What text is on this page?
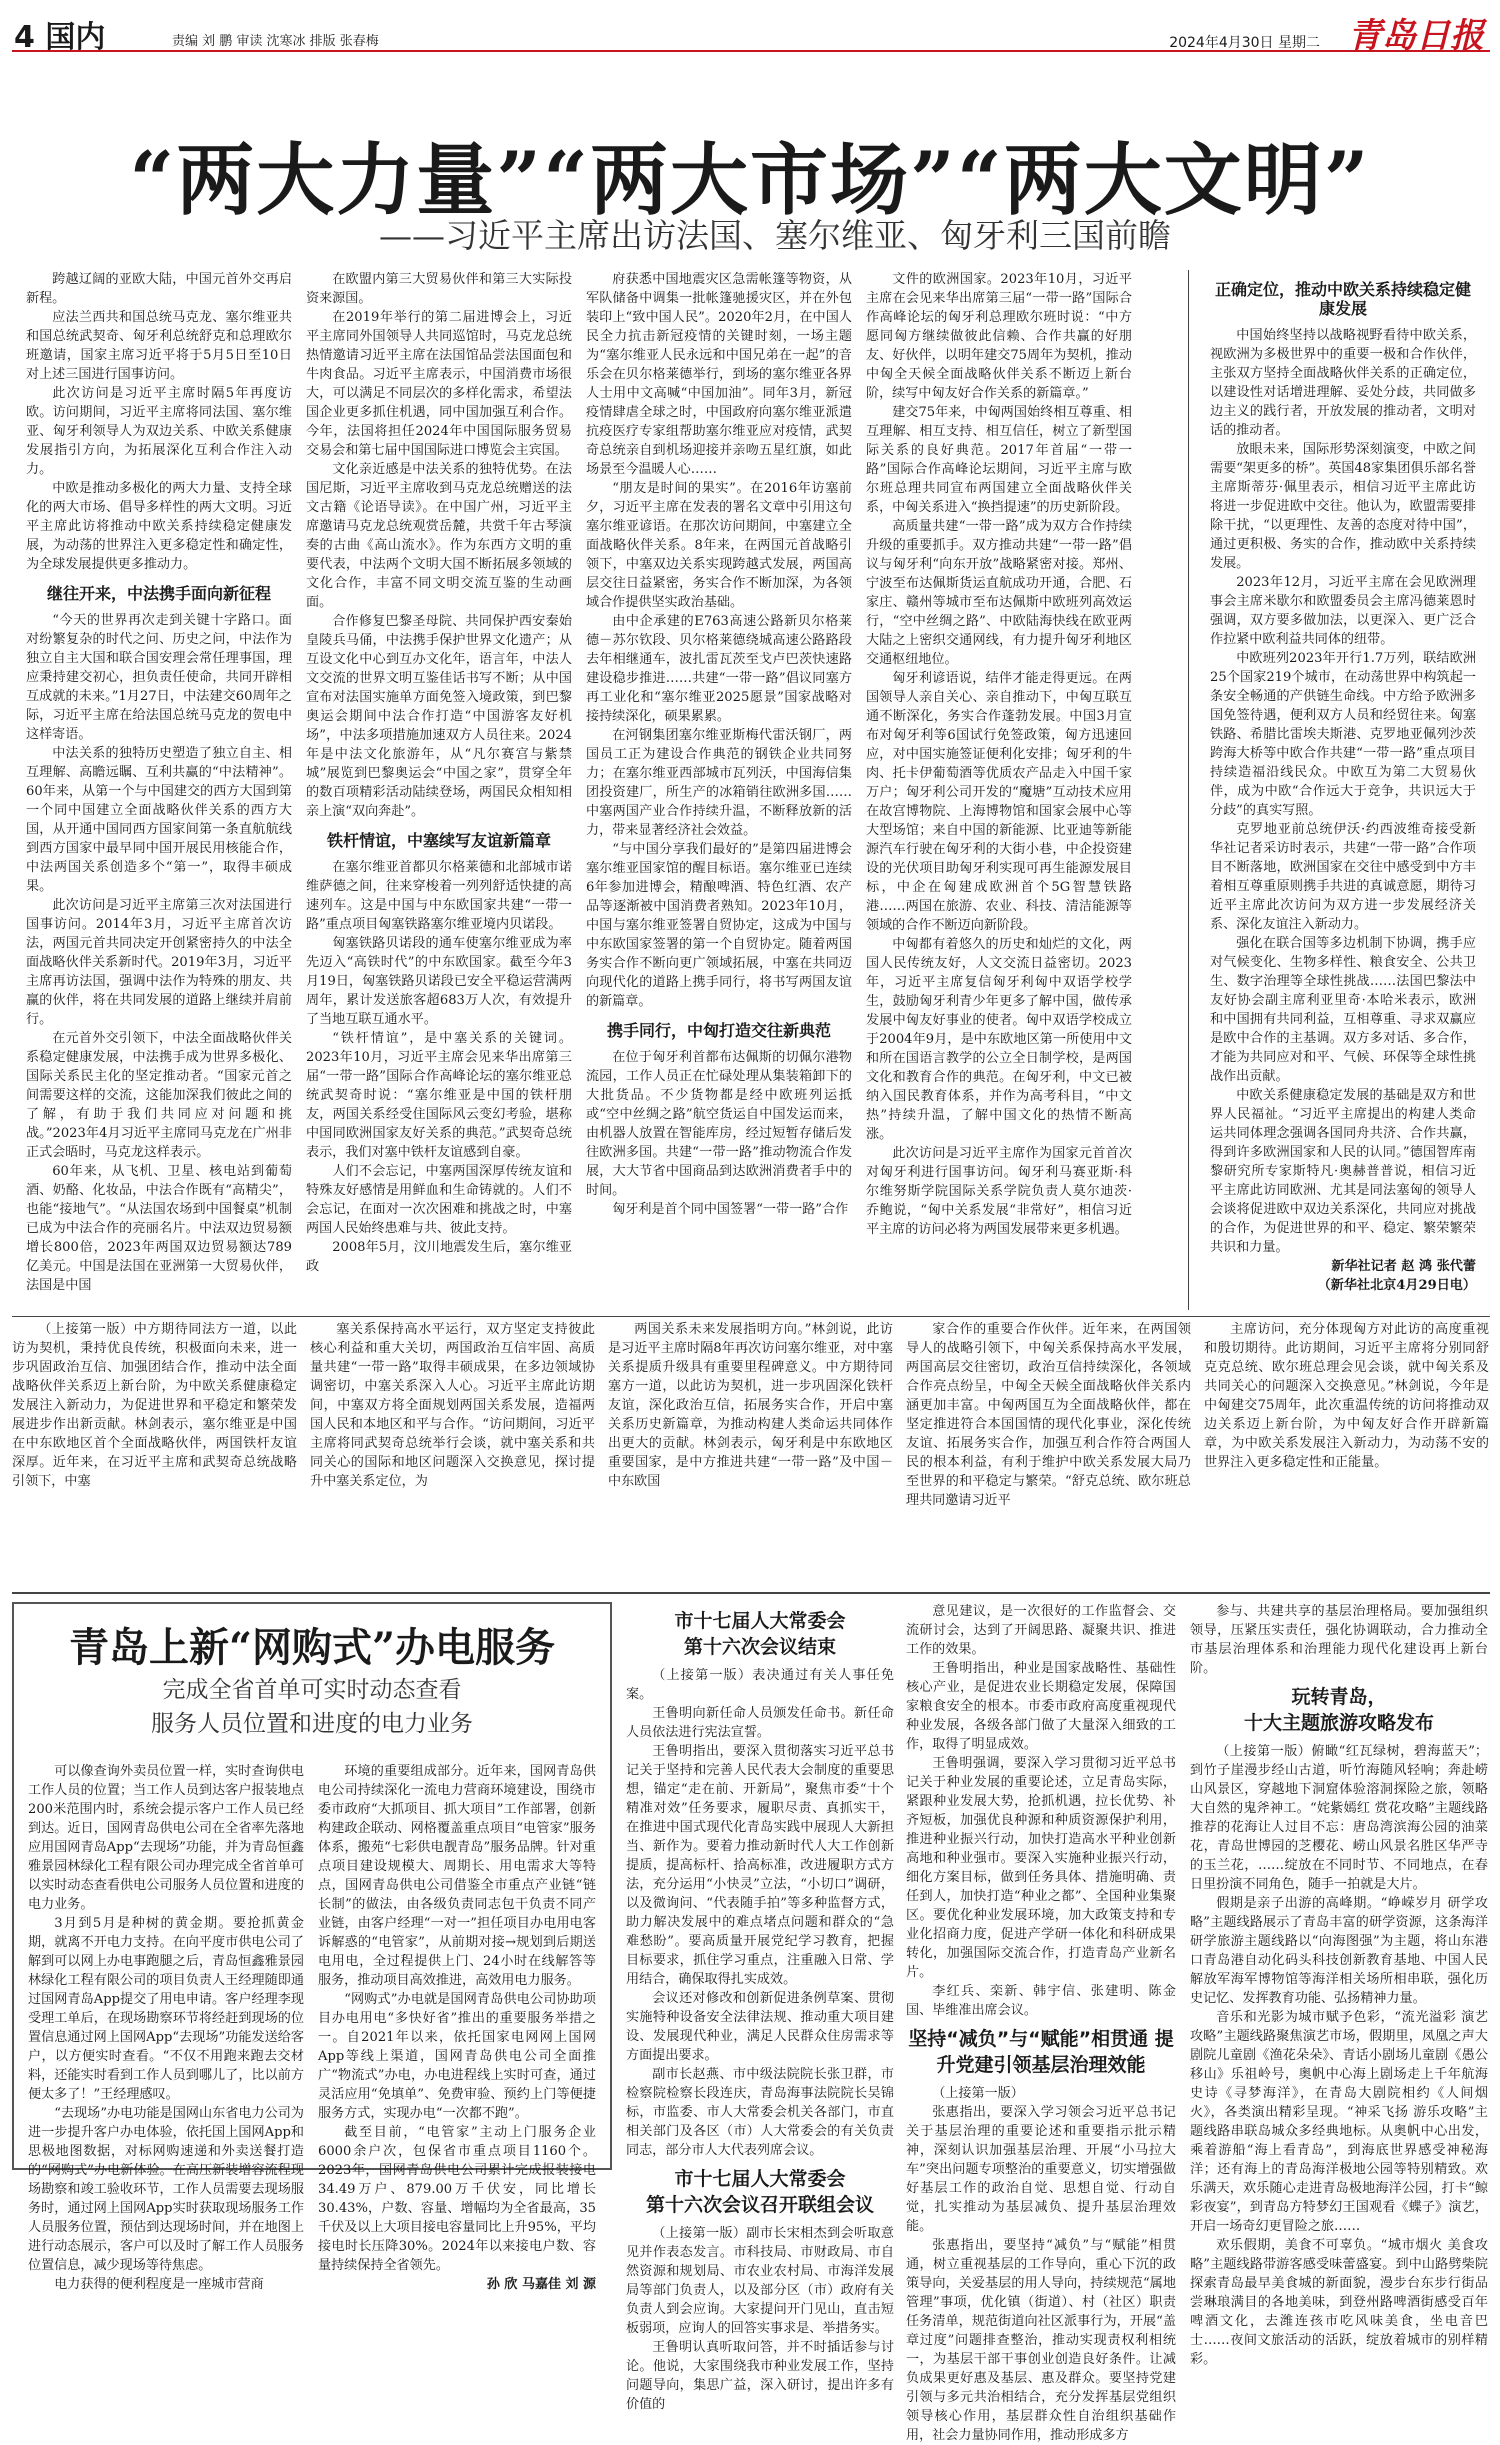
4 国内	责编 刘 鹏 审读 沈寒冰 排版 张春梅	2024年4月30日 星期二 青岛日报
“两大力量”“两大市场”“两大文明”
——习近平主席出访法国、塞尔维亚、匈牙利三国前瞻

跨越辽阔的亚欧大陆，中国元首外交再启新程。

应法兰西共和国总统马克龙、塞尔维亚共和国总统武契奇、匈牙利总统舒克和总理欧尔班邀请，国家主席习近平将于5月5日至10日对上述三国进行国事访问。

此次访问是习近平主席时隔5年再度访欧。访问期间，习近平主席将同法国、塞尔维亚、匈牙利领导人为双边关系、中欧关系健康发展指引方向，为拓展深化互利合作注入动力。

中欧是推动多极化的两大力量、支持全球化的两大市场、倡导多样性的两大文明。习近平主席此访将推动中欧关系持续稳定健康发展，为动荡的世界注入更多稳定性和确定性，为全球发展提供更多推动力。

继往开来，中法携手面向新征程

“今天的世界再次走到关键十字路口。面对纷繁复杂的时代之问、历史之问，中法作为独立自主大国和联合国安理会常任理事国，理应秉持建交初心，担负责任使命，共同开辟相互成就的未来。”1月27日，中法建交60周年之际，习近平主席在给法国总统马克龙的贺电中这样寄语。

中法关系的独特历史塑造了独立自主、相互理解、高瞻远瞩、互利共赢的“中法精神”。60年来，从第一个与中国建交的西方大国到第一个同中国建立全面战略伙伴关系的西方大国，从开通中国同西方国家间第一条直航航线到西方国家中最早同中国开展民用核能合作，中法两国关系创造多个“第一”，取得丰硕成果。

此次访问是习近平主席第三次对法国进行国事访问。2014年3月，习近平主席首次访法，两国元首共同决定开创紧密持久的中法全面战略伙伴关系新时代。2019年3月，习近平主席再访法国，强调中法作为特殊的朋友、共赢的伙伴，将在共同发展的道路上继续并肩前行。

在元首外交引领下，中法全面战略伙伴关系稳定健康发展，中法携手成为世界多极化、国际关系民主化的坚定推动者。“国家元首之间需要这样的交流，这能加深我们彼此之间的了解，有助于我们共同应对问题和挑战。”2023年4月习近平主席同马克龙在广州非正式会晤时，马克龙这样表示。

60年来，从飞机、卫星、核电站到葡萄酒、奶酪、化妆品，中法合作既有“高精尖”，也能“接地气”。“从法国农场到中国餐桌”机制已成为中法合作的亮丽名片。中法双边贸易额增长800倍，2023年两国双边贸易额达789亿美元。中国是法国在亚洲第一大贸易伙伴，法国是中国

在欧盟内第三大贸易伙伴和第三大实际投资来源国。

在2019年举行的第二届进博会上，习近平主席同外国领导人共同巡馆时，马克龙总统热情邀请习近平主席在法国馆品尝法国面包和牛肉食品。习近平主席表示，中国消费市场很大，可以满足不同层次的多样化需求，希望法国企业更多抓住机遇，同中国加强互利合作。今年，法国将担任2024年中国国际服务贸易交易会和第七届中国国际进口博览会主宾国。

文化亲近感是中法关系的独特优势。在法国尼斯，习近平主席收到马克龙总统赠送的法文古籍《论语导读》。在中国广州，习近平主席邀请马克龙总统观赏岳麓，共赏千年古琴演奏的古曲《高山流水》。作为东西方文明的重要代表，中法两个文明大国不断拓展多领域的文化合作，丰富不同文明交流互鉴的生动画面。

合作修复巴黎圣母院、共同保护西安秦始皇陵兵马俑，中法携手保护世界文化遗产；从互设文化中心到互办文化年，语言年，中法人文交流的世界文明互鉴佳话书写不断；从中国宣布对法国实施单方面免签入境政策，到巴黎奥运会期间中法合作打造“中国游客友好机场”，中法多项措施加速双方人员往来。2024年是中法文化旅游年，从“凡尔赛宫与紫禁城”展览到巴黎奥运会“中国之家”，贯穿全年的数百项精彩活动陆续登场，两国民众相知相亲上演“双向奔赴”。

铁杆情谊，中塞续写友谊新篇章

在塞尔维亚首都贝尔格莱德和北部城市诺维萨德之间，往来穿梭着一列列舒适快捷的高速列车。这是中国与中东欧国家共建“一带一路”重点项目匈塞铁路塞尔维亚境内贝诺段。

匈塞铁路贝诺段的通车使塞尔维亚成为率先迈入“高铁时代”的中东欧国家。截至今年3月19日，匈塞铁路贝诺段已安全平稳运营满两周年，累计发送旅客超683万人次，有效提升了当地互联互通水平。

“铁杆情谊”，是中塞关系的关键词。2023年10月，习近平主席会见来华出席第三届“一带一路”国际合作高峰论坛的塞尔维亚总统武契奇时说：“塞尔维亚是中国的铁杆朋友，两国关系经受住国际风云变幻考验，堪称中国同欧洲国家友好关系的典范。”武契奇总统表示，我们对塞中铁杆友谊感到自豪。

人们不会忘记，中塞两国深厚传统友谊和特殊友好感情是用鲜血和生命铸就的。人们不会忘记，在面对一次次困难和挑战之时，中塞两国人民始终患难与共、彼此支持。

2008年5月，汶川地震发生后，塞尔维亚政

府获悉中国地震灾区急需帐篷等物资，从军队储备中调集一批帐篷驰援灾区，并在外包装印上“致中国人民”。2020年2月，在中国人民全力抗击新冠疫情的关键时刻，一场主题为“塞尔维亚人民永远和中国兄弟在一起”的音乐会在贝尔格莱德举行，到场的塞尔维亚各界人士用中文高喊“中国加油”。同年3月，新冠疫情肆虐全球之时，中国政府向塞尔维亚派遣抗疫医疗专家组帮助塞尔维亚应对疫情，武契奇总统亲自到机场迎接并亲吻五星红旗，如此场景至今温暖人心……

“朋友是时间的果实”。在2016年访塞前夕，习近平主席在发表的署名文章中引用这句塞尔维亚谚语。在那次访问期间，中塞建立全面战略伙伴关系。8年来，在两国元首战略引领下，中塞双边关系实现跨越式发展，两国高层交往日益紧密，务实合作不断加深，为各领域合作提供坚实政治基础。

由中企承建的E763高速公路新贝尔格莱德－苏尔钦段、贝尔格莱德绕城高速公路路段去年相继通车，波扎雷瓦茨至戈卢巴茨快速路建设稳步推进……共建“一带一路”倡议同塞方再工业化和“塞尔维亚2025愿景”国家战略对接持续深化，硕果累累。

在河钢集团塞尔维亚斯梅代雷沃钢厂，两国员工正为建设合作典范的钢铁企业共同努力；在塞尔维亚西部城市瓦列沃，中国海信集团投资建厂，所生产的冰箱销往欧洲多国……中塞两国产业合作持续升温，不断释放新的活力，带来显著经济社会效益。

“与中国分享我们最好的”是第四届进博会塞尔维亚国家馆的醒目标语。塞尔维亚已连续6年参加进博会，精酿啤酒、特色红酒、农产品等逐渐被中国消费者熟知。2023年10月，中国与塞尔维亚签署自贸协定，这成为中国与中东欧国家签署的第一个自贸协定。随着两国务实合作不断向更广领域拓展，中塞在共同迈向现代化的道路上携手同行，将书写两国友谊的新篇章。

携手同行，中匈打造交往新典范

在位于匈牙利首都布达佩斯的切佩尔港物流园，工作人员正在忙碌处理从集装箱卸下的大批货品。不少货物都是经中欧班列运抵或“空中丝绸之路”航空货运自中国发运而来，由机器人放置在智能库房，经过短暂存储后发往欧洲多国。共建“一带一路”推动物流合作发展，大大节省中国商品到达欧洲消费者手中的时间。

匈牙利是首个同中国签署“一带一路”合作

文件的欧洲国家。2023年10月，习近平主席在会见来华出席第三届“一带一路”国际合作高峰论坛的匈牙利总理欧尔班时说：“中方愿同匈方继续做彼此信赖、合作共赢的好朋友、好伙伴，以明年建交75周年为契机，推动中匈全天候全面战略伙伴关系不断迈上新台阶，续写中匈友好合作关系的新篇章。”

建交75年来，中匈两国始终相互尊重、相互理解、相互支持、相互信任，树立了新型国际关系的良好典范。2017年首届“一带一路”国际合作高峰论坛期间，习近平主席与欧尔班总理共同宣布两国建立全面战略伙伴关系，中匈关系进入“换挡提速”的历史新阶段。

高质量共建“一带一路”成为双方合作持续升级的重要抓手。双方推动共建“一带一路”倡议与匈牙利“向东开放”战略紧密对接。郑州、宁波至布达佩斯货运直航成功开通，合肥、石家庄、赣州等城市至布达佩斯中欧班列高效运行，“空中丝绸之路”、中欧陆海快线在欧亚两大陆之上密织交通网线，有力提升匈牙利地区交通枢纽地位。

匈牙利谚语说，结伴才能走得更远。在两国领导人亲自关心、亲自推动下，中匈互联互通不断深化，务实合作蓬勃发展。中国3月宣布对匈牙利等6国试行免签政策，匈方迅速回应，对中国实施签证便利化安排；匈牙利的牛肉、托卡伊葡萄酒等优质农产品走入中国千家万户；匈牙利公司开发的“魔塘”互动技术应用在故宫博物院、上海博物馆和国家会展中心等大型场馆；来自中国的新能源、比亚迪等新能源汽车行驶在匈牙利的大街小巷，中企投资建设的光伏项目助匈牙利实现可再生能源发展目标，中企在匈建成欧洲首个5G智慧铁路港……两国在旅游、农业、科技、清洁能源等领域的合作不断迈向新阶段。

中匈都有着悠久的历史和灿烂的文化，两国人民传统友好，人文交流日益密切。2023年，习近平主席复信匈牙利匈中双语学校学生，鼓励匈牙利青少年更多了解中国，做传承发展中匈友好事业的使者。匈中双语学校成立于2004年9月，是中东欧地区第一所使用中文和所在国语言教学的公立全日制学校，是两国文化和教育合作的典范。在匈牙利，中文已被纳入国民教育体系，并作为高考科目，“中文热”持续升温，了解中国文化的热情不断高涨。

此次访问是习近平主席作为国家元首首次对匈牙利进行国事访问。匈牙利马赛亚斯·科尔维努斯学院国际关系学院负责人莫尔迪茨·乔鲍说，“匈中关系发展“非常好”，相信习近平主席的访问必将为两国发展带来更多机遇。

正确定位，推动中欧关系持续稳定健康发展

中国始终坚持以战略视野看待中欧关系，视欧洲为多极世界中的重要一极和合作伙伴，主张双方坚持全面战略伙伴关系的正确定位，以建设性对话增进理解、妥处分歧，共同做多边主义的践行者，开放发展的推动者，文明对话的推动者。

放眼未来，国际形势深刻演变，中欧之间需要“架更多的桥”。英国48家集团俱乐部名誉主席斯蒂芬·佩里表示，相信习近平主席此访将进一步促进欧中交往。他认为，欧盟需要排除干扰，“以更理性、友善的态度对待中国”，通过更积极、务实的合作，推动欧中关系持续发展。

2023年12月，习近平主席在会见欧洲理事会主席米歇尔和欧盟委员会主席冯德莱恩时强调，双方要多做加法，以更深入、更广泛合作拉紧中欧利益共同体的纽带。

中欧班列2023年开行1.7万列，联结欧洲25个国家219个城市，在动荡世界中构筑起一条安全畅通的产供链生命线。中方给予欧洲多国免签待遇，便利双方人员和经贸往来。匈塞铁路、希腊比雷埃夫斯港、克罗地亚佩列沙茨跨海大桥等中欧合作共建“一带一路”重点项目持续造福沿线民众。中欧互为第二大贸易伙伴，成为中欧“合作远大于竞争，共识远大于分歧”的真实写照。

克罗地亚前总统伊沃·约西波维奇接受新华社记者采访时表示，共建“一带一路”合作项目不断落地，欧洲国家在交往中感受到中方丰着相互尊重原则携手共进的真诚意愿，期待习近平主席此次访问为双方进一步发展经济关系、深化友谊注入新动力。

强化在联合国等多边机制下协调，携手应对气候变化、生物多样性、粮食安全、公共卫生、数字治理等全球性挑战……法国巴黎法中友好协会副主席利亚里奇·本哈米表示，欧洲和中国拥有共同利益，互相尊重、寻求双赢应是欧中合作的主基调。双方多对话、多合作，才能为共同应对和平、气候、环保等全球性挑战作出贡献。

中欧关系健康稳定发展的基础是双方和世界人民福祉。“习近平主席提出的构建人类命运共同体理念强调各国同舟共济、合作共赢，得到许多欧洲国家和人民的认同。”德国智库南黎研究所专家斯特凡·奥赫普普说，相信习近平主席此访同欧洲、尤其是同法塞匈的领导人会谈将促进欧中双边关系深化，共同应对挑战的合作，为促进世界的和平、稳定、繁荣繁荣共识和力量。

新华社记者 赵 鸿 张代蕾

（新华社北京4月29日电）

（上接第一版）中方期待同法方一道，以此访为契机，秉持优良传统，积极面向未来，进一步巩固政治互信、加强团结合作，推动中法全面战略伙伴关系迈上新台阶，为中欧关系健康稳定发展注入新动力，为促进世界和平稳定和繁荣发展进步作出新贡献。林剑表示，塞尔维亚是中国在中东欧地区首个全面战略伙伴，两国铁杆友谊深厚。近年来，在习近平主席和武契奇总统战略引领下，中塞

塞关系保持高水平运行，双方坚定支持彼此核心利益和重大关切，两国政治互信牢固、高质量共建“一带一路”取得丰硕成果，在多边领域协调密切，中塞关系深入人心。习近平主席此访期间，中塞双方将全面规划两国关系发展，造福两国人民和本地区和平与合作。“访问期间，习近平主席将同武契奇总统举行会谈，就中塞关系和共同关心的国际和地区问题深入交换意见，探讨提升中塞关系定位，为

两国关系未来发展指明方向。”林剑说，此访是习近平主席时隔8年再次访问塞尔维亚，对中塞关系提质升级具有重要里程碑意义。中方期待同塞方一道，以此访为契机，进一步巩固深化铁杆友谊，深化政治互信，拓展务实合作，开启中塞关系历史新篇章，为推动构建人类命运共同体作出更大的贡献。林剑表示，匈牙利是中东欧地区重要国家，是中方推进共建“一带一路”及中国－中东欧国

家合作的重要合作伙伴。近年来，在两国领导人的战略引领下，中匈关系保持高水平发展，两国高层交往密切，政治互信持续深化，各领域合作亮点纷呈，中匈全天候全面战略伙伴关系内涵更加丰富。中匈两国互为全面战略伙伴，都在坚定推进符合本国国情的现代化事业，深化传统友谊、拓展务实合作，加强互利合作符合两国人民的根本利益，有利于维护中欧关系发展大局乃至世界的和平稳定与繁荣。“舒克总统、欧尔班总理共同邀请习近平

主席访问，充分体现匈方对此访的高度重视和殷切期待。此访期间，习近平主席将分别同舒克克总统、欧尔班总理会见会谈，就中匈关系及共同关心的问题深入交换意见。”林剑说，今年是中匈建交75周年，此次重温传统的访问将推动双边关系迈上新台阶，为中匈友好合作开辟新篇章，为中欧关系发展注入新动力，为动荡不安的世界注入更多稳定性和正能量。

青岛上新“网购式”办电服务
完成全省首单可实时动态查看
服务人员位置和进度的电力业务

可以像查询外卖员位置一样，实时查询供电工作人员的位置；当工作人员到达客户报装地点200米范围内时，系统会提示客户工作人员已经到达。近日，国网青岛供电公司在全省率先落地应用国网青岛App“去现场”功能，并为青岛恒鑫雅景园林绿化工程有限公司办理完成全省首单可以实时动态查看供电公司服务人员位置和进度的电力业务。

3月到5月是种树的黄金期。要抢抓黄金期，就离不开电力支持。在向平度市供电公司了解到可以网上办电事跑腿之后，青岛恒鑫雅景园林绿化工程有限公司的项目负责人王经理随即通过国网青岛App提交了用电申请。客户经理李现受理工单后，在现场勘察环节将经赶到现场的位置信息通过网上国网App“去现场”功能发送给客户，以方便实时查看。“不仅不用跑来跑去交材料，还能实时看到工作人员到哪儿了，比以前方便太多了！”王经理感叹。

“去现场”办电功能是国网山东省电力公司为进一步提升客户办电体验，依托国上国网App和思极地图数据，对标网购速递和外卖送餐打造的“网购式”办电新体验。在高压新装增容流程现场勘察和竣工验收环节，工作人员需要去现场服务时，通过网上国网App实时获取现场服务工作人员服务位置，预估到达现场时间，并在地图上进行动态展示，客户可以及时了解工作人员服务位置信息，减少现场等待焦虑。

电力获得的便利程度是一座城市营商

环境的重要组成部分。近年来，国网青岛供电公司持续深化一流电力营商环境建设，围绕市委市政府“大抓项目、抓大项目”工作部署，创新构建政企联动、网格覆盖重点项目“电管家”服务体系，搬苑“七彩供电靓青岛”服务品牌。针对重点项目建设规模大、周期长、用电需求大等特点，国网青岛供电公司借鉴全市重点产业链“链长制”的做法，由各级负责同志包干负责不同产业链，由客户经理“一对一”担任项目办电用电客诉解惑的“电管家”，从前期对接→规划到后期送电用电，全过程提供上门、24小时在线解答等服务，推动项目高效推进，高效用电力服务。

“网购式”办电就是国网青岛供电公司协助项目办电用电“多快好省”推出的重要服务举措之一。自2021年以来，依托国家电网网上国网App等线上渠道，国网青岛供电公司全面推广“物流式”办电，办电进程线上实时可查，通过灵活应用“免填单”、免费审验、预约上门等便捷服务方式，实现办电“一次都不跑”。

截至目前，“电管家”主动上门服务企业6000余户次，包保省市重点项目1160个。2023年，国网青岛供电公司累计完成报装接电34.49万户、879.00万千伏安，同比增长30.43%，户数、容量、增幅均为全省最高，35千伏及以上大项目接电容量同比上升95%，平均接电时长压降30%。2024年以来接电户数、容量持续保持全省领先。

孙 欣 马嘉佳 刘 源

市十七届人大常委会
第十六次会议结束

（上接第一版）表决通过有关人事任免案。

王鲁明向新任命人员颁发任命书。新任命人员依法进行宪法宣誓。

王鲁明指出，要深入贯彻落实习近平总书记关于坚持和完善人民代表大会制度的重要思想，锚定“走在前、开新局”，聚焦市委“十个精准对效”任务要求，履职尽责、真抓实干，在推进中国式现代化青岛实践中展现人大新担当、新作为。要着力推动新时代人大工作创新提质，提高标杆、拾高标准，改进履职方式方法，充分运用“小快灵”立法，“小切口”调研，以及微询问、“代表随手拍”等多种监督方式，助力解决发展中的难点堵点问题和群众的“急难愁盼”。要高质量开展党纪学习教育，把握目标要求，抓住学习重点，注重融入日常、学用结合，确保取得扎实成效。

会议还对修改和创新促进条例草案、贯彻实施特种设备安全法律法规、推动重大项目建设、发展现代种业，满足人民群众住房需求等方面提出要求。

副市长赵燕、市中级法院院长张卫群，市检察院检察长段连庆，青岛海事法院院长吴锦标，市监委、市人大常委会机关各部门，市直相关部门及各区（市）人大常委会的有关负责同志，部分市人大代表列席会议。

市十七届人大常委会
第十六次会议召开联组会议

（上接第一版）副市长宋相杰到会听取意见并作表态发言。市科技局、市财政局、市自然资源和规划局、市农业农村局、市海洋发展局等部门负责人，以及部分区（市）政府有关负责人到会应询。大家提问开门见山，直击短板弱项，应询人的回答实事求是、举措务实。

王鲁明认真听取问答，并不时插话参与讨论。他说，大家围绕我市种业发展工作，坚持问题导向，集思广益，深入研讨，提出许多有价值的

意见建议，是一次很好的工作监督会、交流研讨会，达到了开阔思路、凝聚共识、推进工作的效果。

王鲁明指出，种业是国家战略性、基础性核心产业，是促进农业长期稳定发展，保障国家粮食安全的根本。市委市政府高度重视现代种业发展，各级各部门做了大量深入细致的工作，取得了明显成效。

王鲁明强调，要深入学习贯彻习近平总书记关于种业发展的重要论述，立足青岛实际，紧跟种业发展大势，抢抓机遇，拉长优势、补齐短板，加强优良种源和种质资源保护利用，推进种业振兴行动，加快打造高水平种业创新高地和种业强市。要深入实施种业振兴行动，细化方案目标，做到任务具体、措施明确、责任到人，加快打造“种业之都”、全国种业集聚区。要优化种业发展环境，加大政策支持和专业化招商力度，促进产学研一体化和科研成果转化，加强国际交流合作，打造青岛产业新名片。

李红兵、栾新、韩宇信、张建明、陈金国、毕维准出席会议。

坚持“减负”与“赋能”相贯通 提升党建引领基层治理效能

（上接第一版）

张惠指出，要深入学习领会习近平总书记关于基层治理的重要论述和重要指示批示精神，深刻认识加强基层治理、开展“小马拉大车”突出问题专项整治的重要意义，切实增强做好基层工作的政治自觉、思想自觉、行动自觉，扎实推动为基层减负、提升基层治理效能。

张惠指出，要坚持“减负”与“赋能”相贯通，树立重视基层的工作导向，重心下沉的政策导向，关爱基层的用人导向，持续规范“属地管理”事项，优化镇（街道）、村（社区）职责任务清单，规范街道向社区派事行为，开展“盖章过度”问题排查整治，推动实现责权利相统一，为基层干部干事创业创造良好条件。让减负成果更好惠及基层、惠及群众。要坚持党建引领与多元共治相结合，充分发挥基层党组织领导核心作用，基层群众性自治组织基础作用，社会力量协同作用，推动形成多方

参与、共建共享的基层治理格局。要加强组织领导，压紧压实责任，强化协调联动，合力推动全市基层治理体系和治理能力现代化建设再上新台阶。

玩转青岛，
十大主题旅游攻略发布

（上接第一版）俯瞰“红瓦绿树，碧海蓝天”；到竹子崖漫步经山古道，听竹海随风轻响；奔赴崂山风景区，穿越地下洞窟体验溶洞探险之旅，领略大自然的鬼斧神工。“姹紫嫣红 赏花攻略”主题线路推荐的花海让人过目不忘：唐岛湾滨海公园的油菜花，青岛世博园的芝樱花、崂山风景名胜区华严寺的玉兰花，……绽放在不同时节、不同地点，在春日里扮演不同角色，随手一拍就是大片。

假期是亲子出游的高峰期。“峥嵘岁月 研学攻略”主题线路展示了青岛丰富的研学资源，这条海洋研学旅游主题线路以“向海图强”为主题，将山东港口青岛港自动化码头科技创新教育基地、中国人民解放军海军博物馆等海洋相关场所相串联，强化历史记忆、发挥教育功能、弘扬精神力量。

音乐和光影为城市赋予色彩，“流光溢彩 演艺攻略”主题线路聚焦演艺市场，假期里，凤凰之声大剧院儿童剧《渔花朵朵》、青话小剧场儿童剧《愚公移山》乐祖岭号，奥帆中心海上剧场走上千年航海史诗《寻梦海洋》，在青岛大剧院相约《人间烟火》，各类演出精彩呈现。“神采飞扬 游乐攻略”主题线路串联岛城众多经典地标。从奥帆中心出发，乘着游船“海上看青岛”，到海底世界感受神秘海洋；还有海上的青岛海洋极地公园等特别精致。欢乐满天，欢乐随心走进青岛极地海洋公园，打卡“鲸彩夜宴”，到青岛方特梦幻王国观看《蝶子》演艺，开启一场奇幻更冒险之旅……

欢乐假期，美食不可辜负。“城市烟火 美食攻略”主题线路带游客感受味蕾盛宴。到中山路劈柴院探索青岛最早美食城的新面貌，漫步台东步行街品尝琳琅满目的各地美味，到登州路啤酒街感受百年啤酒文化，去潍连孩市吃风味美食，坐电音巴士……夜间文旅活动的活跃，绽放着城市的别样精彩。
